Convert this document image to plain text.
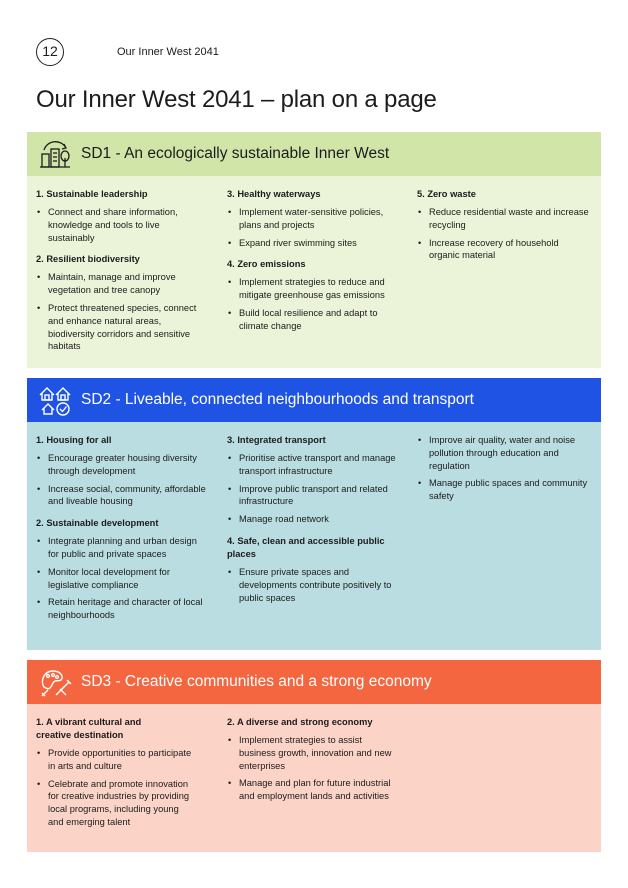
12	Our Inner West 2041
Our Inner West 2041 – plan on a page
SD1 - An ecologically sustainable Inner West
1. Sustainable leadership
• Connect and share information, knowledge and tools to live sustainably
2. Resilient biodiversity
• Maintain, manage and improve vegetation and tree canopy
• Protect threatened species, connect and enhance natural areas, biodiversity corridors and sensitive habitats
3. Healthy waterways
• Implement water-sensitive policies, plans and projects
• Expand river swimming sites
4. Zero emissions
• Implement strategies to reduce and mitigate greenhouse gas emissions
• Build local resilience and adapt to climate change
5. Zero waste
• Reduce residential waste and increase recycling
• Increase recovery of household organic material
SD2 - Liveable, connected neighbourhoods and transport
1. Housing for all
• Encourage greater housing diversity through development
• Increase social, community, affordable and liveable housing
2. Sustainable development
• Integrate planning and urban design for public and private spaces
• Monitor local development for legislative compliance
• Retain heritage and character of local neighbourhoods
3. Integrated transport
• Prioritise active transport and manage transport infrastructure
• Improve public transport and related infrastructure
• Manage road network
4. Safe, clean and accessible public places
• Ensure private spaces and developments contribute positively to public spaces
• Improve air quality, water and noise pollution through education and regulation
• Manage public spaces and community safety
SD3 - Creative communities and a strong economy
1. A vibrant cultural and creative destination
• Provide opportunities to participate in arts and culture
• Celebrate and promote innovation for creative industries by providing local programs, including young and emerging talent
2. A diverse and strong economy
• Implement strategies to assist business growth, innovation and new enterprises
• Manage and plan for future industrial and employment lands and activities
